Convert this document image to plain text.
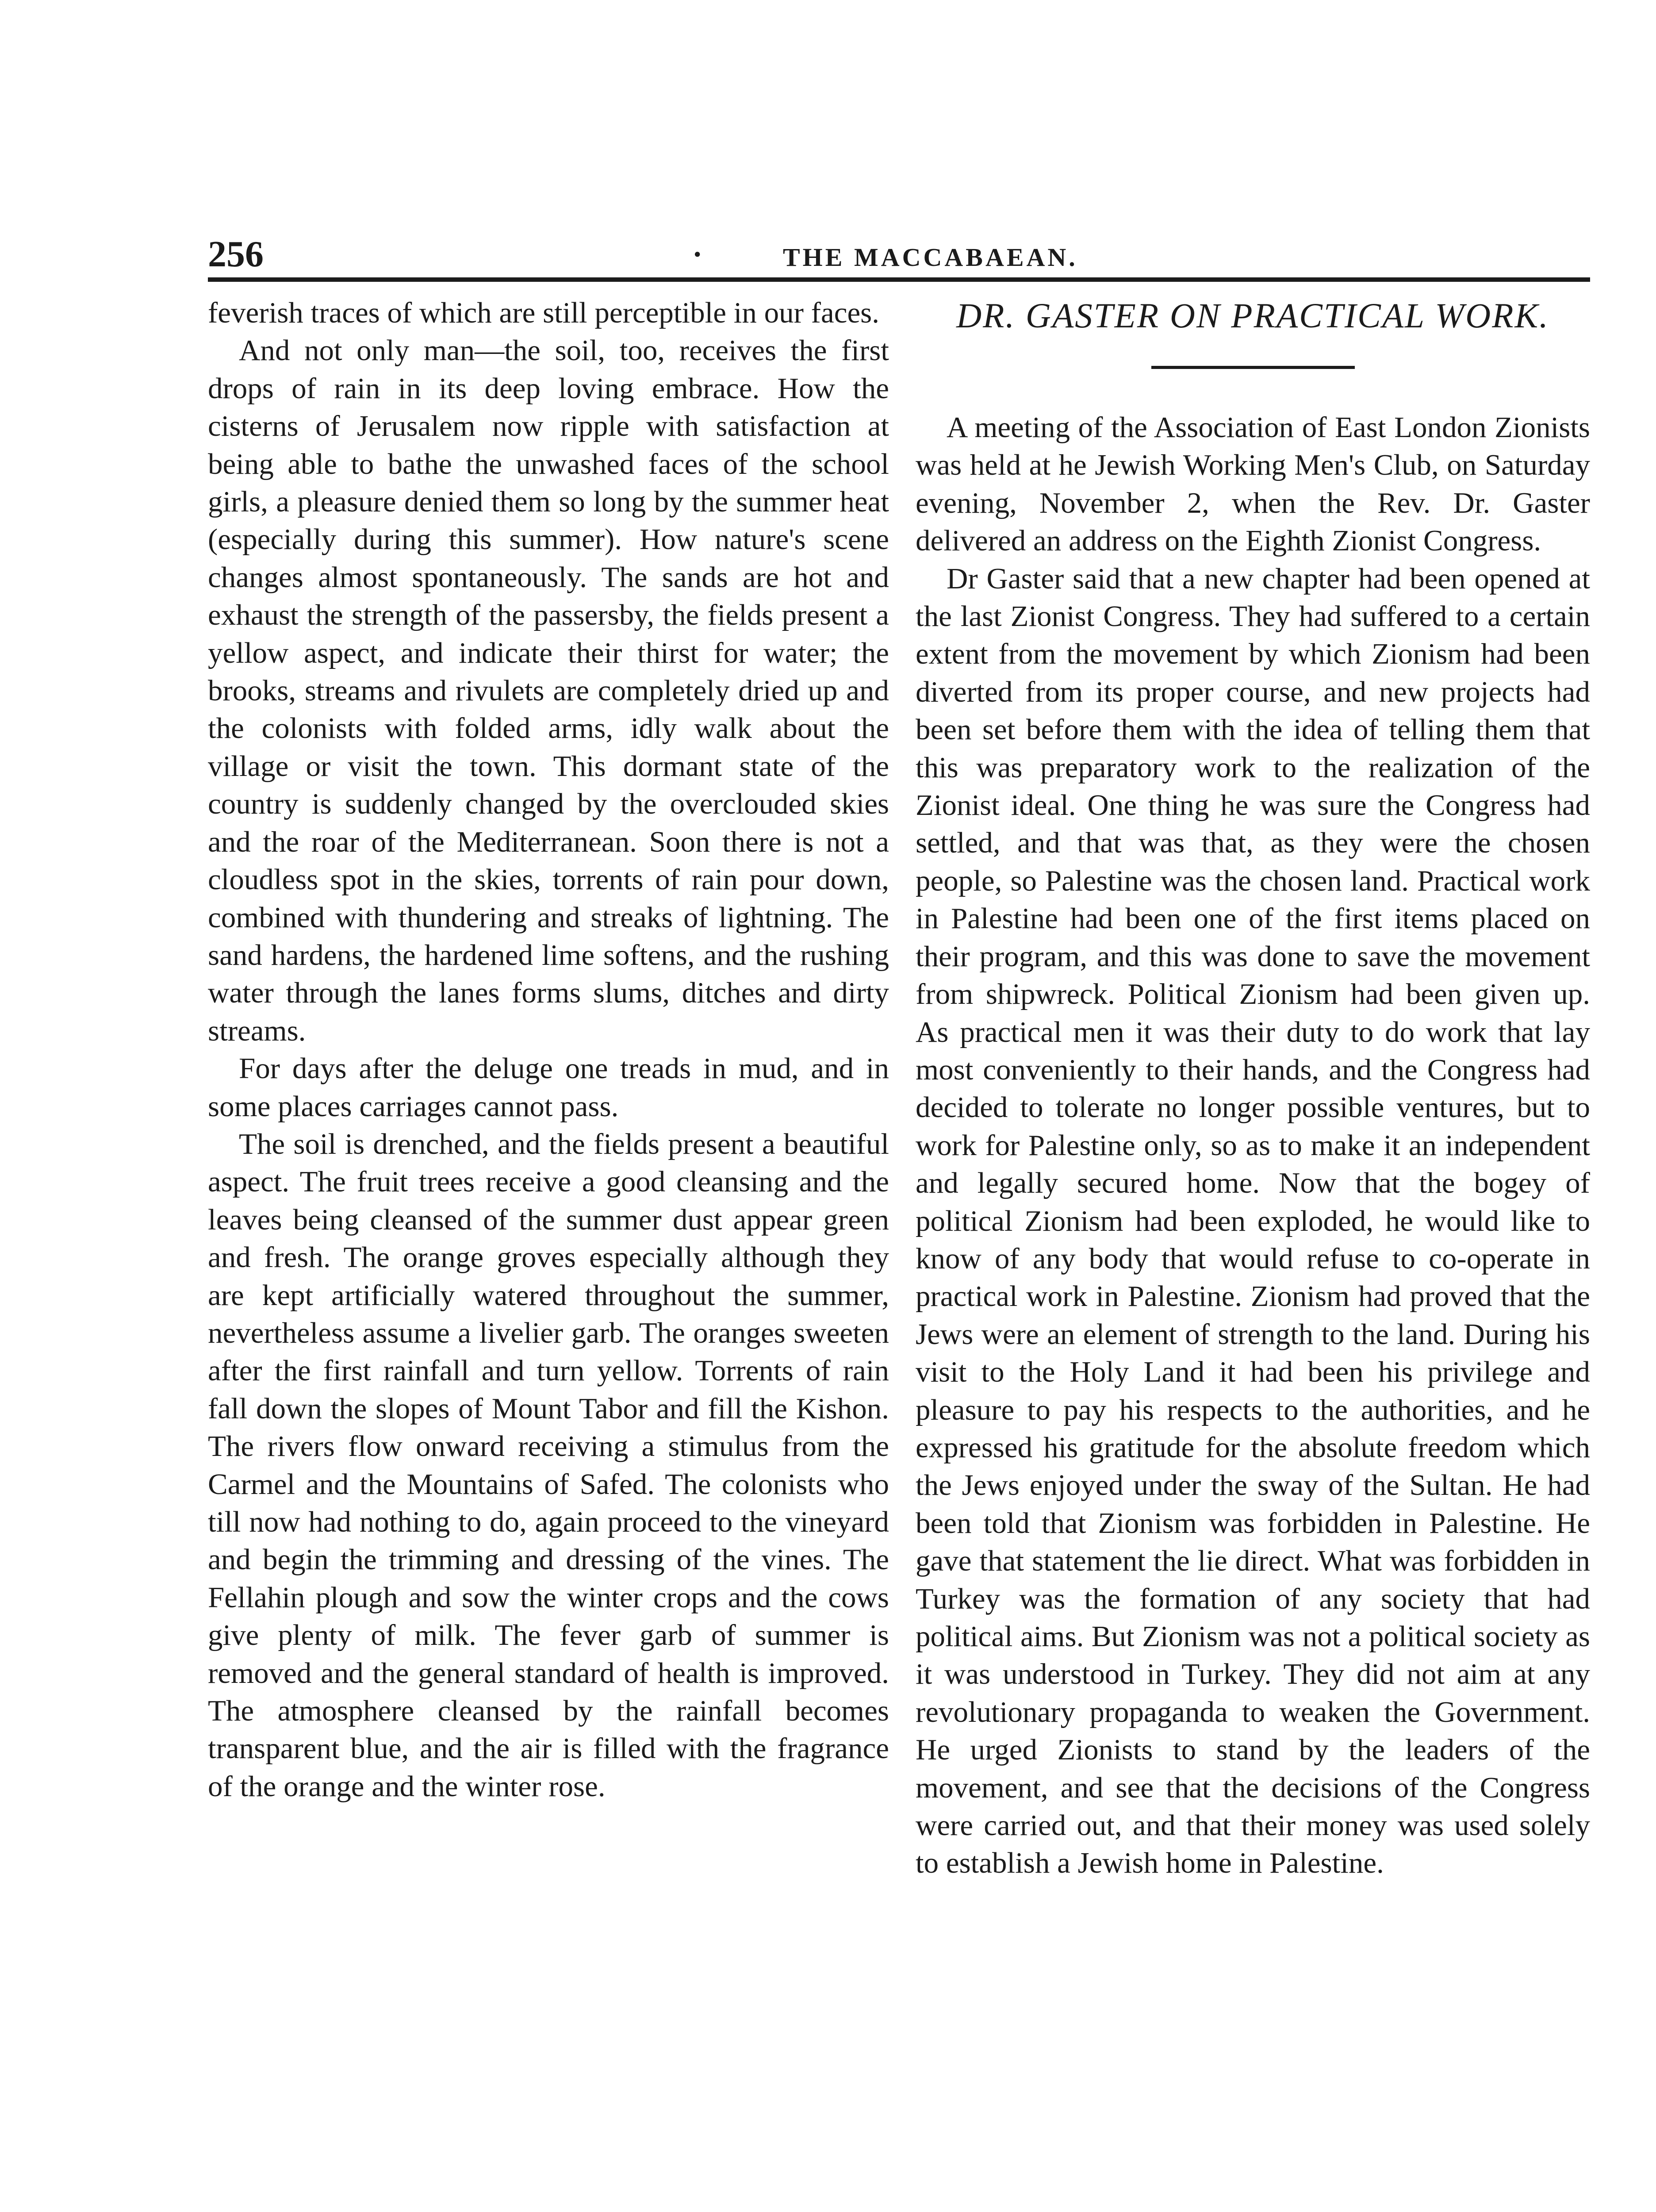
256	·	THE MACCABAEAN.

feverish traces of which are still perceptible in our faces.

And not only man—the soil, too, receives the first drops of rain in its deep loving embrace. How the cisterns of Jerusalem now ripple with satisfaction at being able to bathe the unwashed faces of the school girls, a pleasure denied them so long by the summer heat (especially during this summer). How nature's scene changes almost spontaneously. The sands are hot and exhaust the strength of the passersby, the fields present a yellow aspect, and indicate their thirst for water; the brooks, streams and rivulets are completely dried up and the colonists with folded arms, idly walk about the village or visit the town. This dormant state of the country is suddenly changed by the overclouded skies and the roar of the Mediterranean. Soon there is not a cloudless spot in the skies, torrents of rain pour down, combined with thundering and streaks of lightning. The sand hardens, the hardened lime softens, and the rushing water through the lanes forms slums, ditches and dirty streams.

For days after the deluge one treads in mud, and in some places carriages cannot pass.

The soil is drenched, and the fields present a beautiful aspect. The fruit trees receive a good cleansing and the leaves being cleansed of the summer dust appear green and fresh. The orange groves especially although they are kept artificially watered throughout the summer, nevertheless assume a livelier garb. The oranges sweeten after the first rainfall and turn yellow. Torrents of rain fall down the slopes of Mount Tabor and fill the Kishon. The rivers flow onward receiving a stimulus from the Carmel and the Mountains of Safed. The colonists who till now had nothing to do, again proceed to the vineyard and begin the trimming and dressing of the vines. The Fellahin plough and sow the winter crops and the cows give plenty of milk. The fever garb of summer is removed and the general standard of health is improved. The atmosphere cleansed by the rainfall becomes transparent blue, and the air is filled with the fragrance of the orange and the winter rose.

DR. GASTER ON PRACTICAL WORK.

A meeting of the Association of East London Zionists was held at he Jewish Working Men's Club, on Saturday evening, November 2, when the Rev. Dr. Gaster delivered an address on the Eighth Zionist Congress.

Dr Gaster said that a new chapter had been opened at the last Zionist Congress. They had suffered to a certain extent from the movement by which Zionism had been diverted from its proper course, and new projects had been set before them with the idea of telling them that this was preparatory work to the realization of the Zionist ideal. One thing he was sure the Congress had settled, and that was that, as they were the chosen people, so Palestine was the chosen land. Practical work in Palestine had been one of the first items placed on their program, and this was done to save the movement from shipwreck. Political Zionism had been given up. As practical men it was their duty to do work that lay most conveniently to their hands, and the Congress had decided to tolerate no longer possible ventures, but to work for Palestine only, so as to make it an independent and legally secured home. Now that the bogey of political Zionism had been exploded, he would like to know of any body that would refuse to co-operate in practical work in Palestine. Zionism had proved that the Jews were an element of strength to the land. During his visit to the Holy Land it had been his privilege and pleasure to pay his respects to the authorities, and he expressed his gratitude for the absolute freedom which the Jews enjoyed under the sway of the Sultan. He had been told that Zionism was forbidden in Palestine. He gave that statement the lie direct. What was forbidden in Turkey was the formation of any society that had political aims. But Zionism was not a political society as it was understood in Turkey. They did not aim at any revolutionary propaganda to weaken the Government. He urged Zionists to stand by the leaders of the movement, and see that the decisions of the Congress were carried out, and that their money was used solely to establish a Jewish home in Palestine.
